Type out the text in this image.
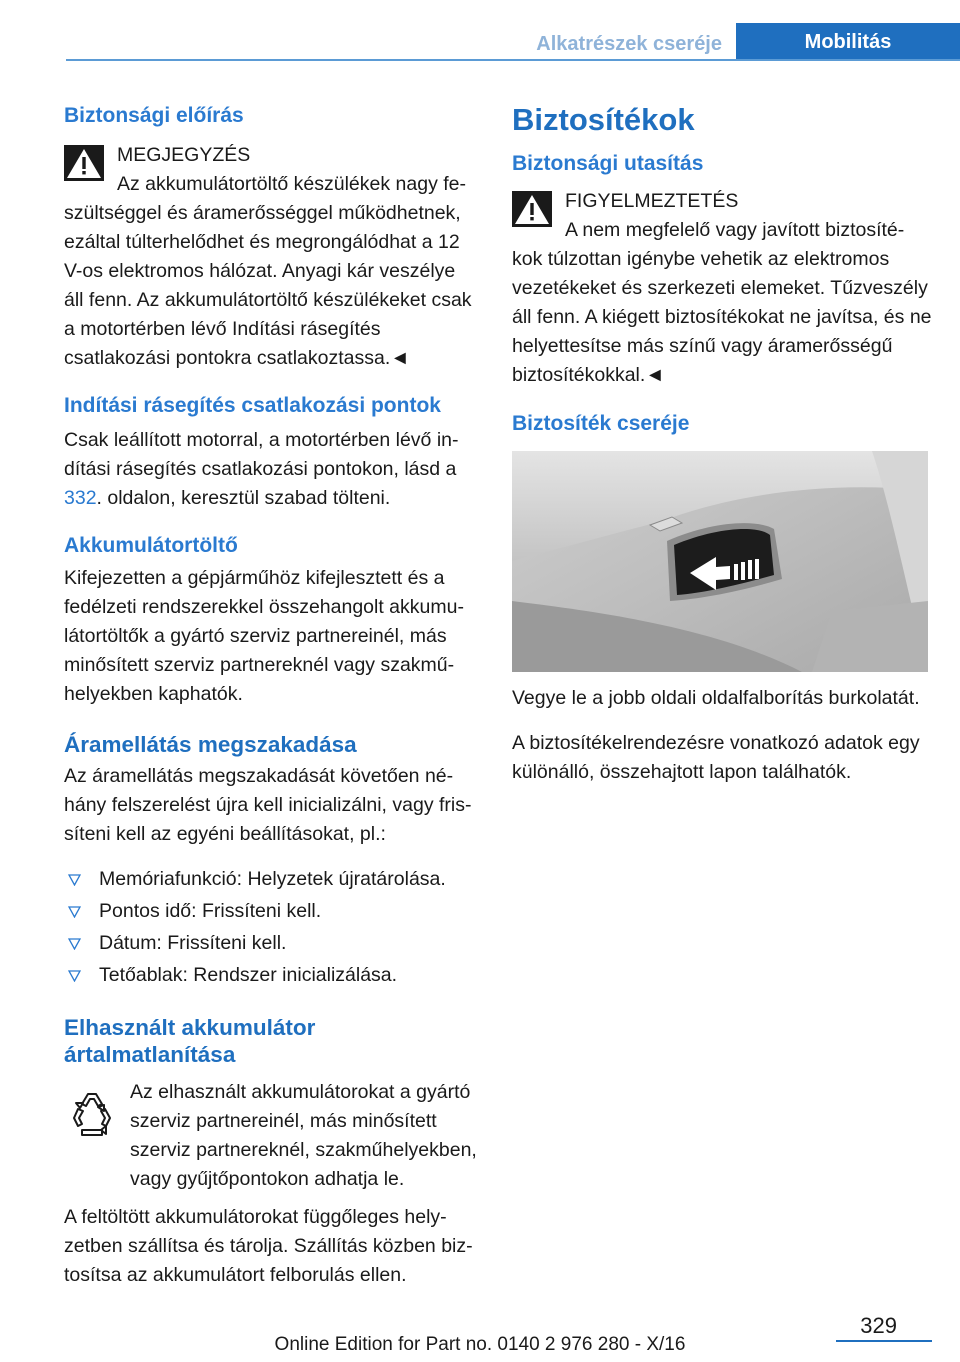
Alkatrészek cseréje	Mobilitás
Biztonsági előírás

MEGJEGYZÉS

Az akkumulátortöltő készülékek nagy fe-

szültséggel és áramerősséggel működhetnek, ezáltal túlterhelődhet és megrongálódhat a 12 V-os elektromos hálózat. Anyagi kár veszélye áll fenn. Az akkumulátortöltő készülékeket csak a motortérben lévő Indítási rásegítés csatlakozási pontokra csatlakoztassa.◄

Indítási rásegítés csatlakozási pontok

Csak leállított motorral, a motortérben lévő indítási rásegítés csatlakozási pontokon, lásd a 332. oldalon, keresztül szabad tölteni.

Akkumulátortöltő

Kifejezetten a gépjárműhöz kifejlesztett és a fedélzeti rendszerekkel összehangolt akkumulátortöltők a gyártó szerviz partnereinél, más minősített szerviz partnereknél vagy szakműhelyekben kaphatók.

Áramellátás megszakadása

Az áramellátás megszakadását követően néhány felszerelést újra kell inicializálni, vagy frissíteni kell az egyéni beállításokat, pl.:

Memóriafunkció: Helyzetek újratárolása.
Pontos idő: Frissíteni kell.
Dátum: Frissíteni kell.
Tetőablak: Rendszer inicializálása.
Elhasznált akkumulátor
ártalmatlanítása

Az elhasznált akkumulátorokat a gyártó szerviz partnereinél, más minősített szerviz partnereknél, szakműhelyekben, vagy gyűjtőpontokon adhatja le.

A feltöltött akkumulátorokat függőleges helyzetben szállítsa és tárolja. Szállítás közben biztosítsa az akkumulátort felborulás ellen.

Biztosítékok
Biztonsági utasítás

FIGYELMEZTETÉS

A nem megfelelő vagy javított biztosíté-

kok túlzottan igénybe vehetik az elektromos vezetékeket és szerkezeti elemeket. Tűzveszély áll fenn. A kiégett biztosítékokat ne javítsa, és ne helyettesítse más színű vagy áramerősségű biztosítékokkal.◄

Biztosíték cseréje

Vegye le a jobb oldali oldalfalborítás burkolatát.

A biztosítékelrendezésre vonatkozó adatok egy különálló, összehajtott lapon találhatók.

329
Online Edition for Part no. 0140 2 976 280 - X/16
